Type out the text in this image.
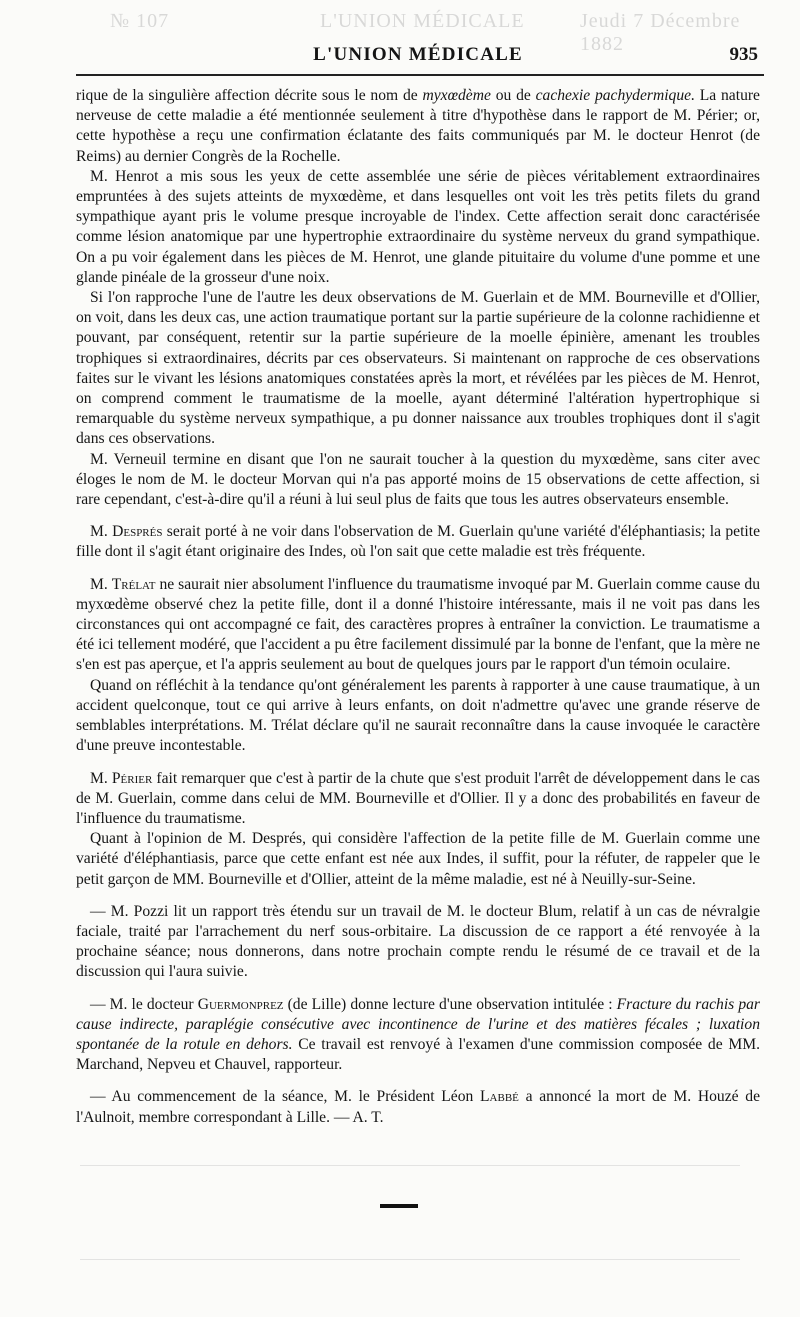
№ 107	L'UNION MÉDICALE	Jeudi 7 Décembre 1882
L'UNION MÉDICALE	935

rique de la singulière affection décrite sous le nom de myxœdème ou de cachexie pachydermique. La nature nerveuse de cette maladie a été mentionnée seulement à titre d'hypothèse dans le rapport de M. Périer; or, cette hypothèse a reçu une confirmation éclatante des faits communiqués par M. le docteur Henrot (de Reims) au dernier Congrès de la Rochelle.

M. Henrot a mis sous les yeux de cette assemblée une série de pièces véritablement extraordinaires empruntées à des sujets atteints de myxœdème, et dans lesquelles ont voit les très petits filets du grand sympathique ayant pris le volume presque incroyable de l'index. Cette affection serait donc caractérisée comme lésion anatomique par une hypertrophie extraordinaire du système nerveux du grand sympathique. On a pu voir également dans les pièces de M. Henrot, une glande pituitaire du volume d'une pomme et une glande pinéale de la grosseur d'une noix.

Si l'on rapproche l'une de l'autre les deux observations de M. Guerlain et de MM. Bourneville et d'Ollier, on voit, dans les deux cas, une action traumatique portant sur la partie supérieure de la colonne rachidienne et pouvant, par conséquent, retentir sur la partie supérieure de la moelle épinière, amenant les troubles trophiques si extraordinaires, décrits par ces observateurs. Si maintenant on rapproche de ces observations faites sur le vivant les lésions anatomiques constatées après la mort, et révélées par les pièces de M. Henrot, on comprend comment le traumatisme de la moelle, ayant déterminé l'altération hypertrophique si remarquable du système nerveux sympathique, a pu donner naissance aux troubles trophiques dont il s'agit dans ces observations.

M. Verneuil termine en disant que l'on ne saurait toucher à la question du myxœdème, sans citer avec éloges le nom de M. le docteur Morvan qui n'a pas apporté moins de 15 observations de cette affection, si rare cependant, c'est-à-dire qu'il a réuni à lui seul plus de faits que tous les autres observateurs ensemble.

M. Després serait porté à ne voir dans l'observation de M. Guerlain qu'une variété d'éléphantiasis; la petite fille dont il s'agit étant originaire des Indes, où l'on sait que cette maladie est très fréquente.

M. Trélat ne saurait nier absolument l'influence du traumatisme invoqué par M. Guerlain comme cause du myxœdème observé chez la petite fille, dont il a donné l'histoire intéressante, mais il ne voit pas dans les circonstances qui ont accompagné ce fait, des caractères propres à entraîner la conviction. Le traumatisme a été ici tellement modéré, que l'accident a pu être facilement dissimulé par la bonne de l'enfant, que la mère ne s'en est pas aperçue, et l'a appris seulement au bout de quelques jours par le rapport d'un témoin oculaire.

Quand on réfléchit à la tendance qu'ont généralement les parents à rapporter à une cause traumatique, à un accident quelconque, tout ce qui arrive à leurs enfants, on doit n'admettre qu'avec une grande réserve de semblables interprétations. M. Trélat déclare qu'il ne saurait reconnaître dans la cause invoquée le caractère d'une preuve incontestable.

M. Périer fait remarquer que c'est à partir de la chute que s'est produit l'arrêt de développement dans le cas de M. Guerlain, comme dans celui de MM. Bourneville et d'Ollier. Il y a donc des probabilités en faveur de l'influence du traumatisme.

Quant à l'opinion de M. Després, qui considère l'affection de la petite fille de M. Guerlain comme une variété d'éléphantiasis, parce que cette enfant est née aux Indes, il suffit, pour la réfuter, de rappeler que le petit garçon de MM. Bourneville et d'Ollier, atteint de la même maladie, est né à Neuilly-sur-Seine.

— M. Pozzi lit un rapport très étendu sur un travail de M. le docteur Blum, relatif à un cas de névralgie faciale, traité par l'arrachement du nerf sous-orbitaire. La discussion de ce rapport a été renvoyée à la prochaine séance; nous donnerons, dans notre prochain compte rendu le résumé de ce travail et de la discussion qui l'aura suivie.

— M. le docteur Guermonprez (de Lille) donne lecture d'une observation intitulée : Fracture du rachis par cause indirecte, paraplégie consécutive avec incontinence de l'urine et des matières fécales ; luxation spontanée de la rotule en dehors. Ce travail est renvoyé à l'examen d'une commission composée de MM. Marchand, Nepveu et Chauvel, rapporteur.

— Au commencement de la séance, M. le Président Léon Labbé a annoncé la mort de M. Houzé de l'Aulnoit, membre correspondant à Lille. — A. T.
